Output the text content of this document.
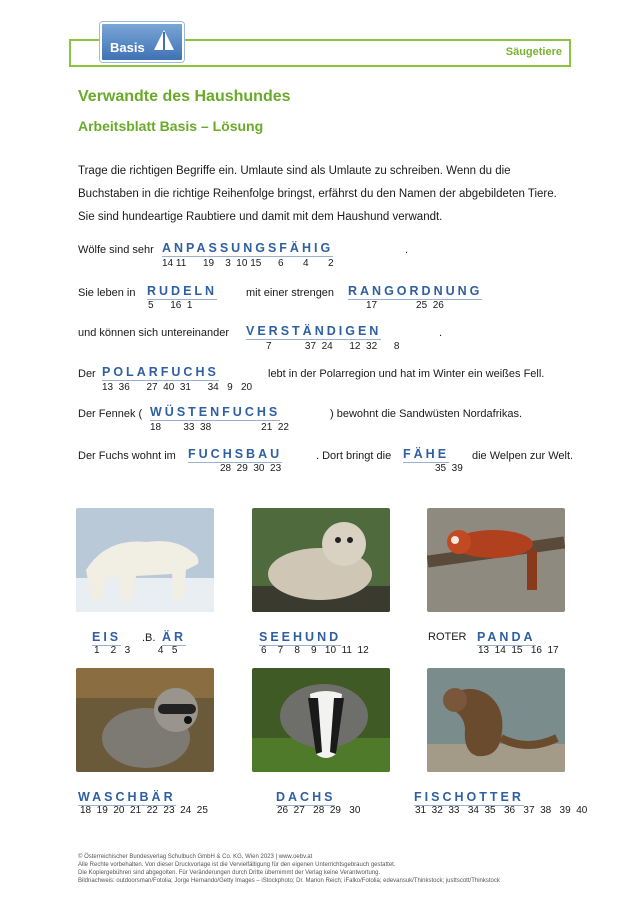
Basis	Säugetiere
Verwandte des Haushundes
Arbeitsblatt Basis – Lösung
Trage die richtigen Begriffe ein. Umlaute sind als Umlaute zu schreiben. Wenn du die Buchstaben in die richtige Reihenfolge bringst, erfährst du den Namen der abgebildeten Tiere. Sie sind hundeartige Raubtiere und damit mit dem Haushund verwandt.
Wölfe sind sehr ANPASSUNGSFÄHIG	.
14 11      19    3  10 15      6       4       2
Sie leben in RUDELN
5      16  1
mit einer strengen RANGORDNUNG
17              25  26
und können sich untereinander VERSTÄNDIGEN	.
7            37  24      12  32      8
Der POLARFUCHS	lebt in der Polarregion und hat im Winter ein weißes Fell.
13  36      27  40  31      34   9   20
Der Fennek ( WÜSTENFUCHS	) bewohnt die Sandwüsten Nordafrikas.
18        33  38                  21  22
Der Fuchs wohnt im FUCHSBAU
28  29  30  23
. Dort bringt die FÄHE
35  39
die Welpen zur Welt.
EIS .B. ÄR
1    2   3          4   5
SEEHUND
6    7    8    9   10  11  12
ROTER PANDA
13  14  15   16  17
WASCHBÄR
18  19  20  21  22  23  24  25
DACHS
26  27   28  29   30
FISCHOTTER
31  32  33   34  35   36   37  38   39  40
© Österreichischer Bundesverlag Schulbuch GmbH & Co. KG, Wien 2023 | www.oebv.at
Alle Rechte vorbehalten. Von dieser Druckvorlage ist die Vervielfältigung für den eigenen Unterrichtsgebrauch gestattet.
Die Kopiergebühren sind abgegolten. Für Veränderungen durch Dritte übernimmt der Verlag keine Verantwortung.
Bildnachweis: outdoorsman/Fotolia; Jorge Hernando/Getty Images – iStockphoto; Dr. Marion Reich; iFalko/Fotolia; edevansuk/Thinkstock; justtscott/Thinkstock
